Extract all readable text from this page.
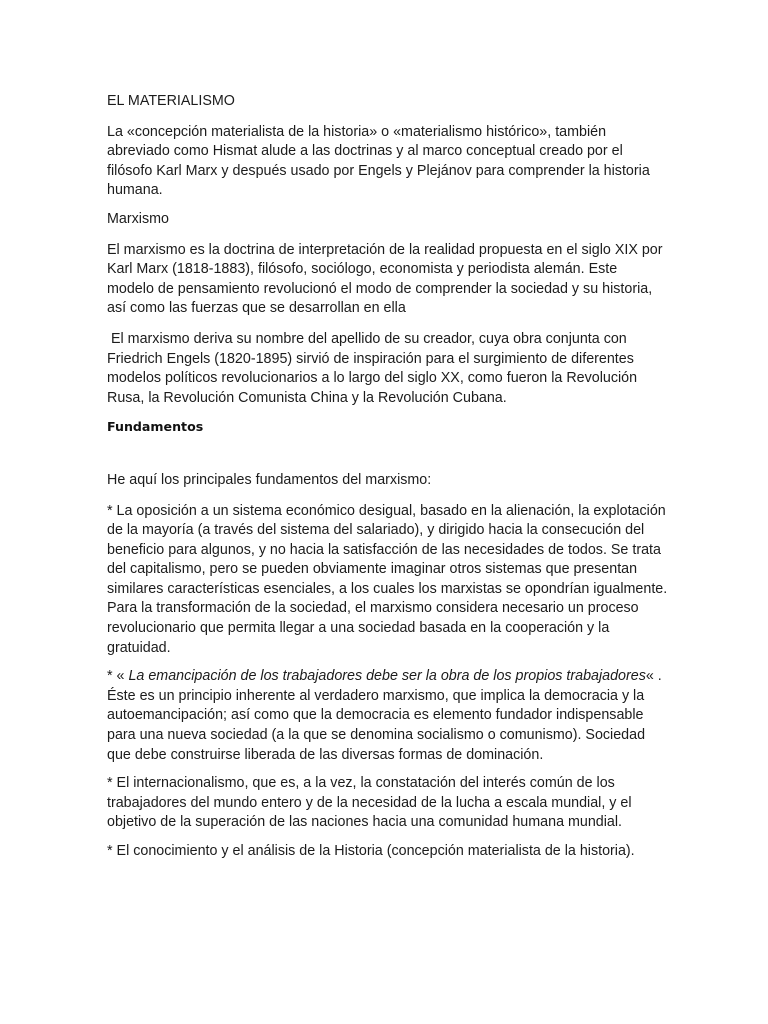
EL MATERIALISMO

La «concepción materialista de la historia» o «materialismo histórico», también abreviado como Hismat alude a las doctrinas y al marco conceptual creado por el filósofo Karl Marx y después usado por Engels y Plejánov para comprender la historia humana.

Marxismo

El marxismo es la doctrina de interpretación de la realidad propuesta en el siglo XIX por Karl Marx (1818-1883), filósofo, sociólogo, economista y periodista alemán. Este modelo de pensamiento revolucionó el modo de comprender la sociedad y su historia, así como las fuerzas que se desarrollan en ella

El marxismo deriva su nombre del apellido de su creador, cuya obra conjunta con Friedrich Engels (1820-1895) sirvió de inspiración para el surgimiento de diferentes modelos políticos revolucionarios a lo largo del siglo XX, como fueron la Revolución Rusa, la Revolución Comunista China y la Revolución Cubana.

Fundamentos

He aquí los principales fundamentos del marxismo:

* La oposición a un sistema económico desigual, basado en la alienación, la explotación de la mayoría (a través del sistema del salariado), y dirigido hacia la consecución del beneficio para algunos, y no hacia la satisfacción de las necesidades de todos. Se trata del capitalismo, pero se pueden obviamente imaginar otros sistemas que presentan similares características esenciales, a los cuales los marxistas se opondrían igualmente.

Para la transformación de la sociedad, el marxismo considera necesario un proceso revolucionario que permita llegar a una sociedad basada en la cooperación y la gratuidad.

* « La emancipación de los trabajadores debe ser la obra de los propios trabajadores« . Éste es un principio inherente al verdadero marxismo, que implica la democracia y la autoemancipación; así como que la democracia es elemento fundador indispensable para una nueva sociedad (a la que se denomina socialismo o comunismo). Sociedad que debe construirse liberada de las diversas formas de dominación.

* El internacionalismo, que es, a la vez, la constatación del interés común de los trabajadores del mundo entero y de la necesidad de la lucha a escala mundial, y el objetivo de la superación de las naciones hacia una comunidad humana mundial.

* El conocimiento y el análisis de la Historia (concepción materialista de la historia).
